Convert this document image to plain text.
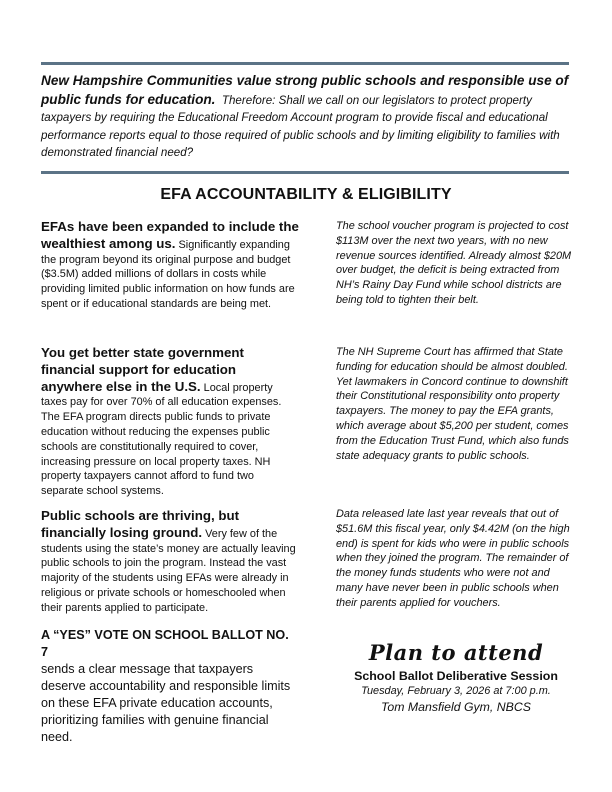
New Hampshire Communities value strong public schools and responsible use of public funds for education. Therefore: Shall we call on our legislators to protect property taxpayers by requiring the Educational Freedom Account program to provide fiscal and educational performance reports equal to those required of public schools and by limiting eligibility to families with demonstrated financial need?
EFA ACCOUNTABILITY & ELIGIBILITY
EFAs have been expanded to include the wealthiest among us. Significantly expanding the program beyond its original purpose and budget ($3.5M) added millions of dollars in costs while providing limited public information on how funds are spent or if educational standards are being met.
You get better state government financial support for education anywhere else in the U.S. Local property taxes pay for over 70% of all education expenses. The EFA program directs public funds to private education without reducing the expenses public schools are constitutionally required to cover, increasing pressure on local property taxes. NH property taxpayers cannot afford to fund two separate school systems.
Public schools are thriving, but financially losing ground. Very few of the students using the state’s money are actually leaving public schools to join the program. Instead the vast majority of the students using EFAs were already in religious or private schools or homeschooled when their parents applied to participate.
A “YES” VOTE ON SCHOOL BALLOT NO. 7
sends a clear message that taxpayers deserve accountability and responsible limits on these EFA private education accounts, prioritizing families with genuine financial need.
The school voucher program is projected to cost $113M over the next two years, with no new revenue sources identified. Already almost $20M over budget, the deficit is being extracted from NH’s Rainy Day Fund while school districts are being told to tighten their belt.
The NH Supreme Court has affirmed that State funding for education should be almost doubled. Yet lawmakers in Concord continue to downshift their Constitutional responsibility onto property taxpayers. The money to pay the EFA grants, which average about $5,200 per student, comes from the Education Trust Fund, which also funds state adequacy grants to public schools.
Data released late last year reveals that out of $51.6M this fiscal year, only $4.42M (on the high end) is spent for kids who were in public schools when they joined the program. The remainder of the money funds students who were not and many have never been in public schools when their parents applied for vouchers.
Plan to attend
School Ballot Deliberative Session
Tuesday, February 3, 2026 at 7:00 p.m.
Tom Mansfield Gym, NBCS
